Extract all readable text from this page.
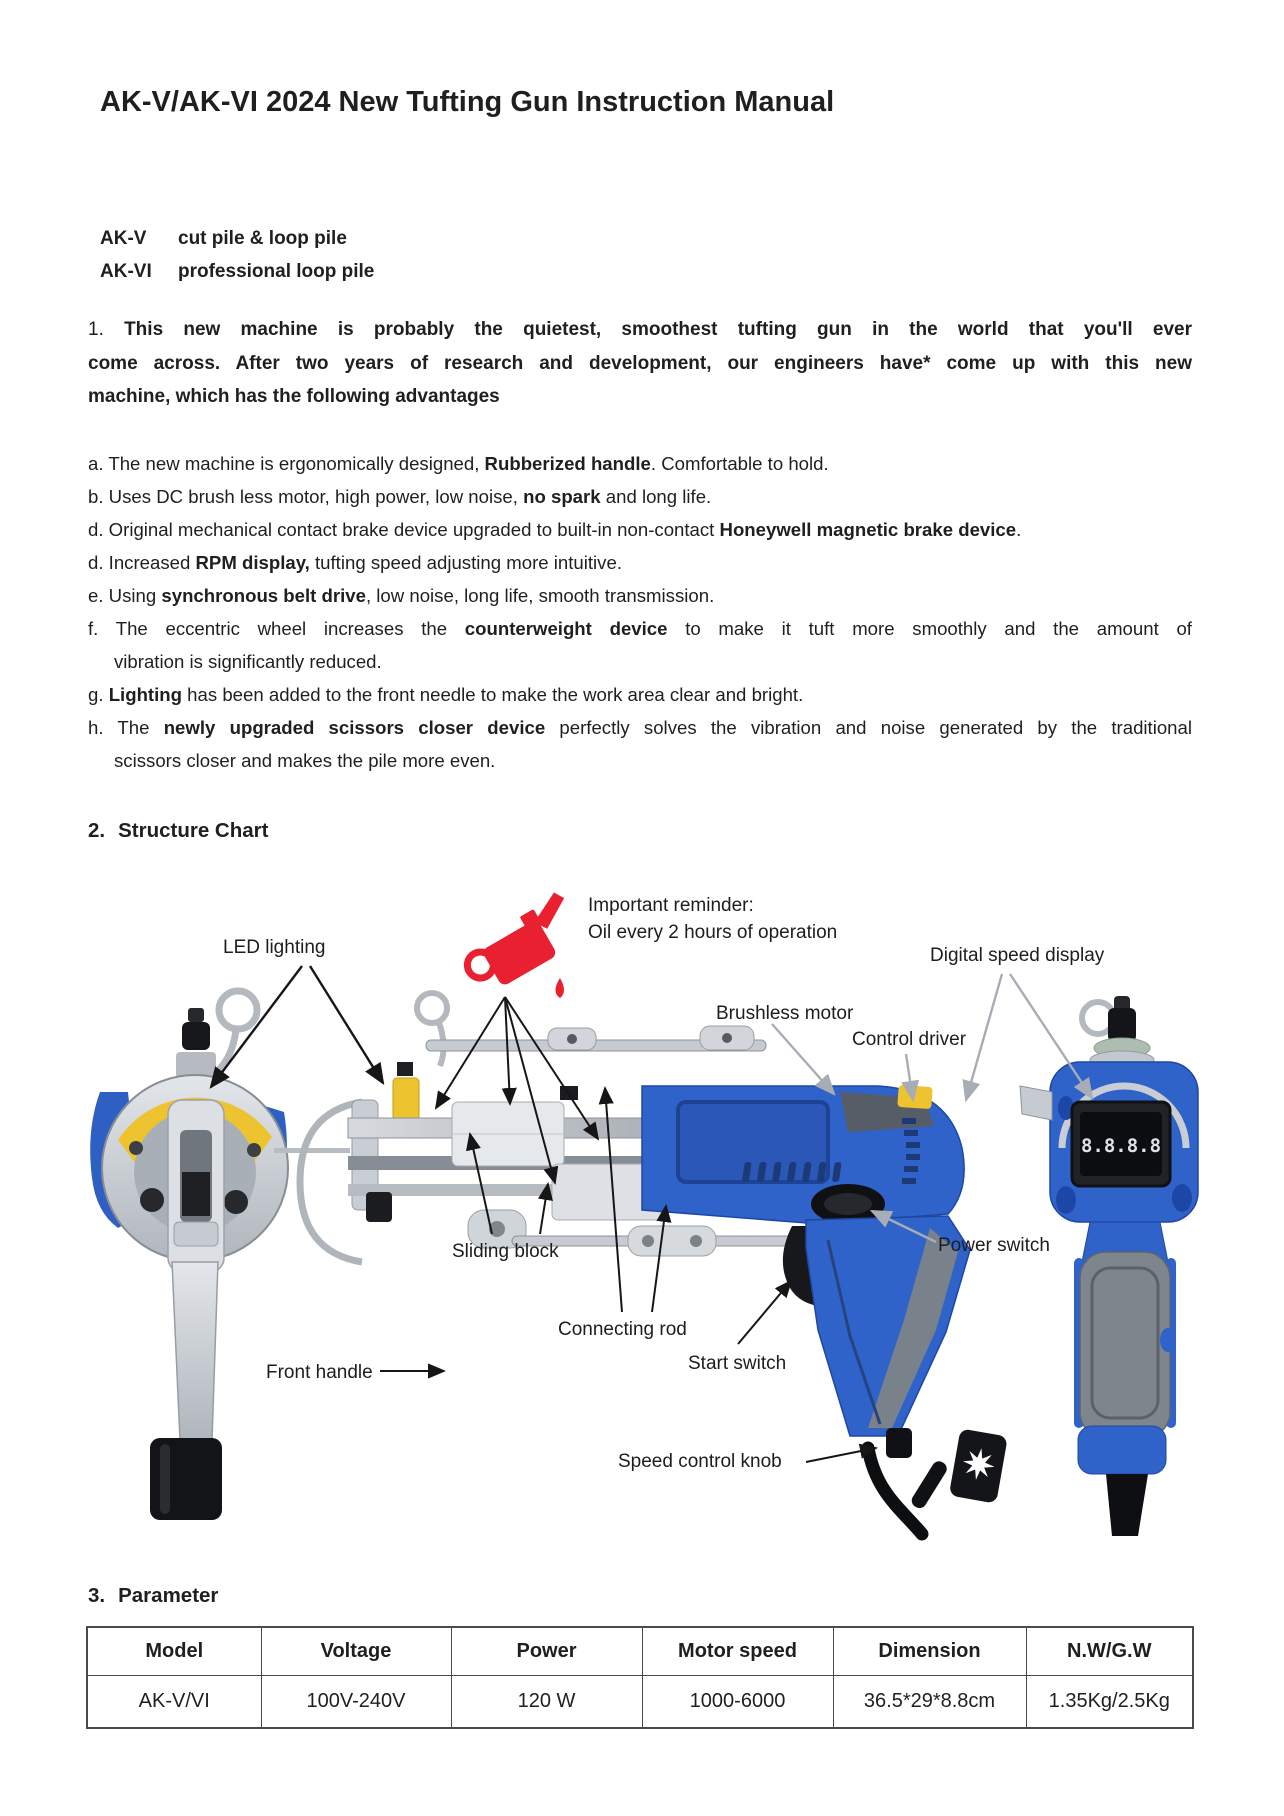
AK-V/AK-VI 2024 New Tufting Gun Instruction Manual
AK-V cut pile & loop pile
AK-VI professional loop pile
1. This new machine is probably the quietest, smoothest tufting gun in the world that you'll ever
come across. After two years of research and development, our engineers have* come up with this new
machine, which has the following advantages
a. The new machine is ergonomically designed, Rubberized handle. Comfortable to hold.
b. Uses DC brush less motor, high power, low noise, no spark and long life.
d. Original mechanical contact brake device upgraded to built-in non-contact Honeywell magnetic brake device.
d. Increased RPM display, tufting speed adjusting more intuitive.
e. Using synchronous belt drive, low noise, long life, smooth transmission.
f. The eccentric wheel increases the counterweight device to make it tuft more smoothly and the amount of
vibration is significantly reduced.
g. Lighting has been added to the front needle to make the work area clear and bright.
h. The newly upgraded scissors closer device perfectly solves the vibration and noise generated by the traditional
scissors closer and makes the pile more even.
2. Structure Chart
8.8.8.8
LED lighting
Important reminder:
Oil every 2 hours of operation
Digital speed display
Brushless motor
Control driver
Sliding block
Connecting rod
Power switch
Front handle	Start switch
Speed control knob
3. Parameter
Model	Voltage	Power	Motor speed	Dimension	N.W/G.W
AK-V/VI	100V-240V	120 W	1000-6000	36.5*29*8.8cm	1.35Kg/2.5Kg
